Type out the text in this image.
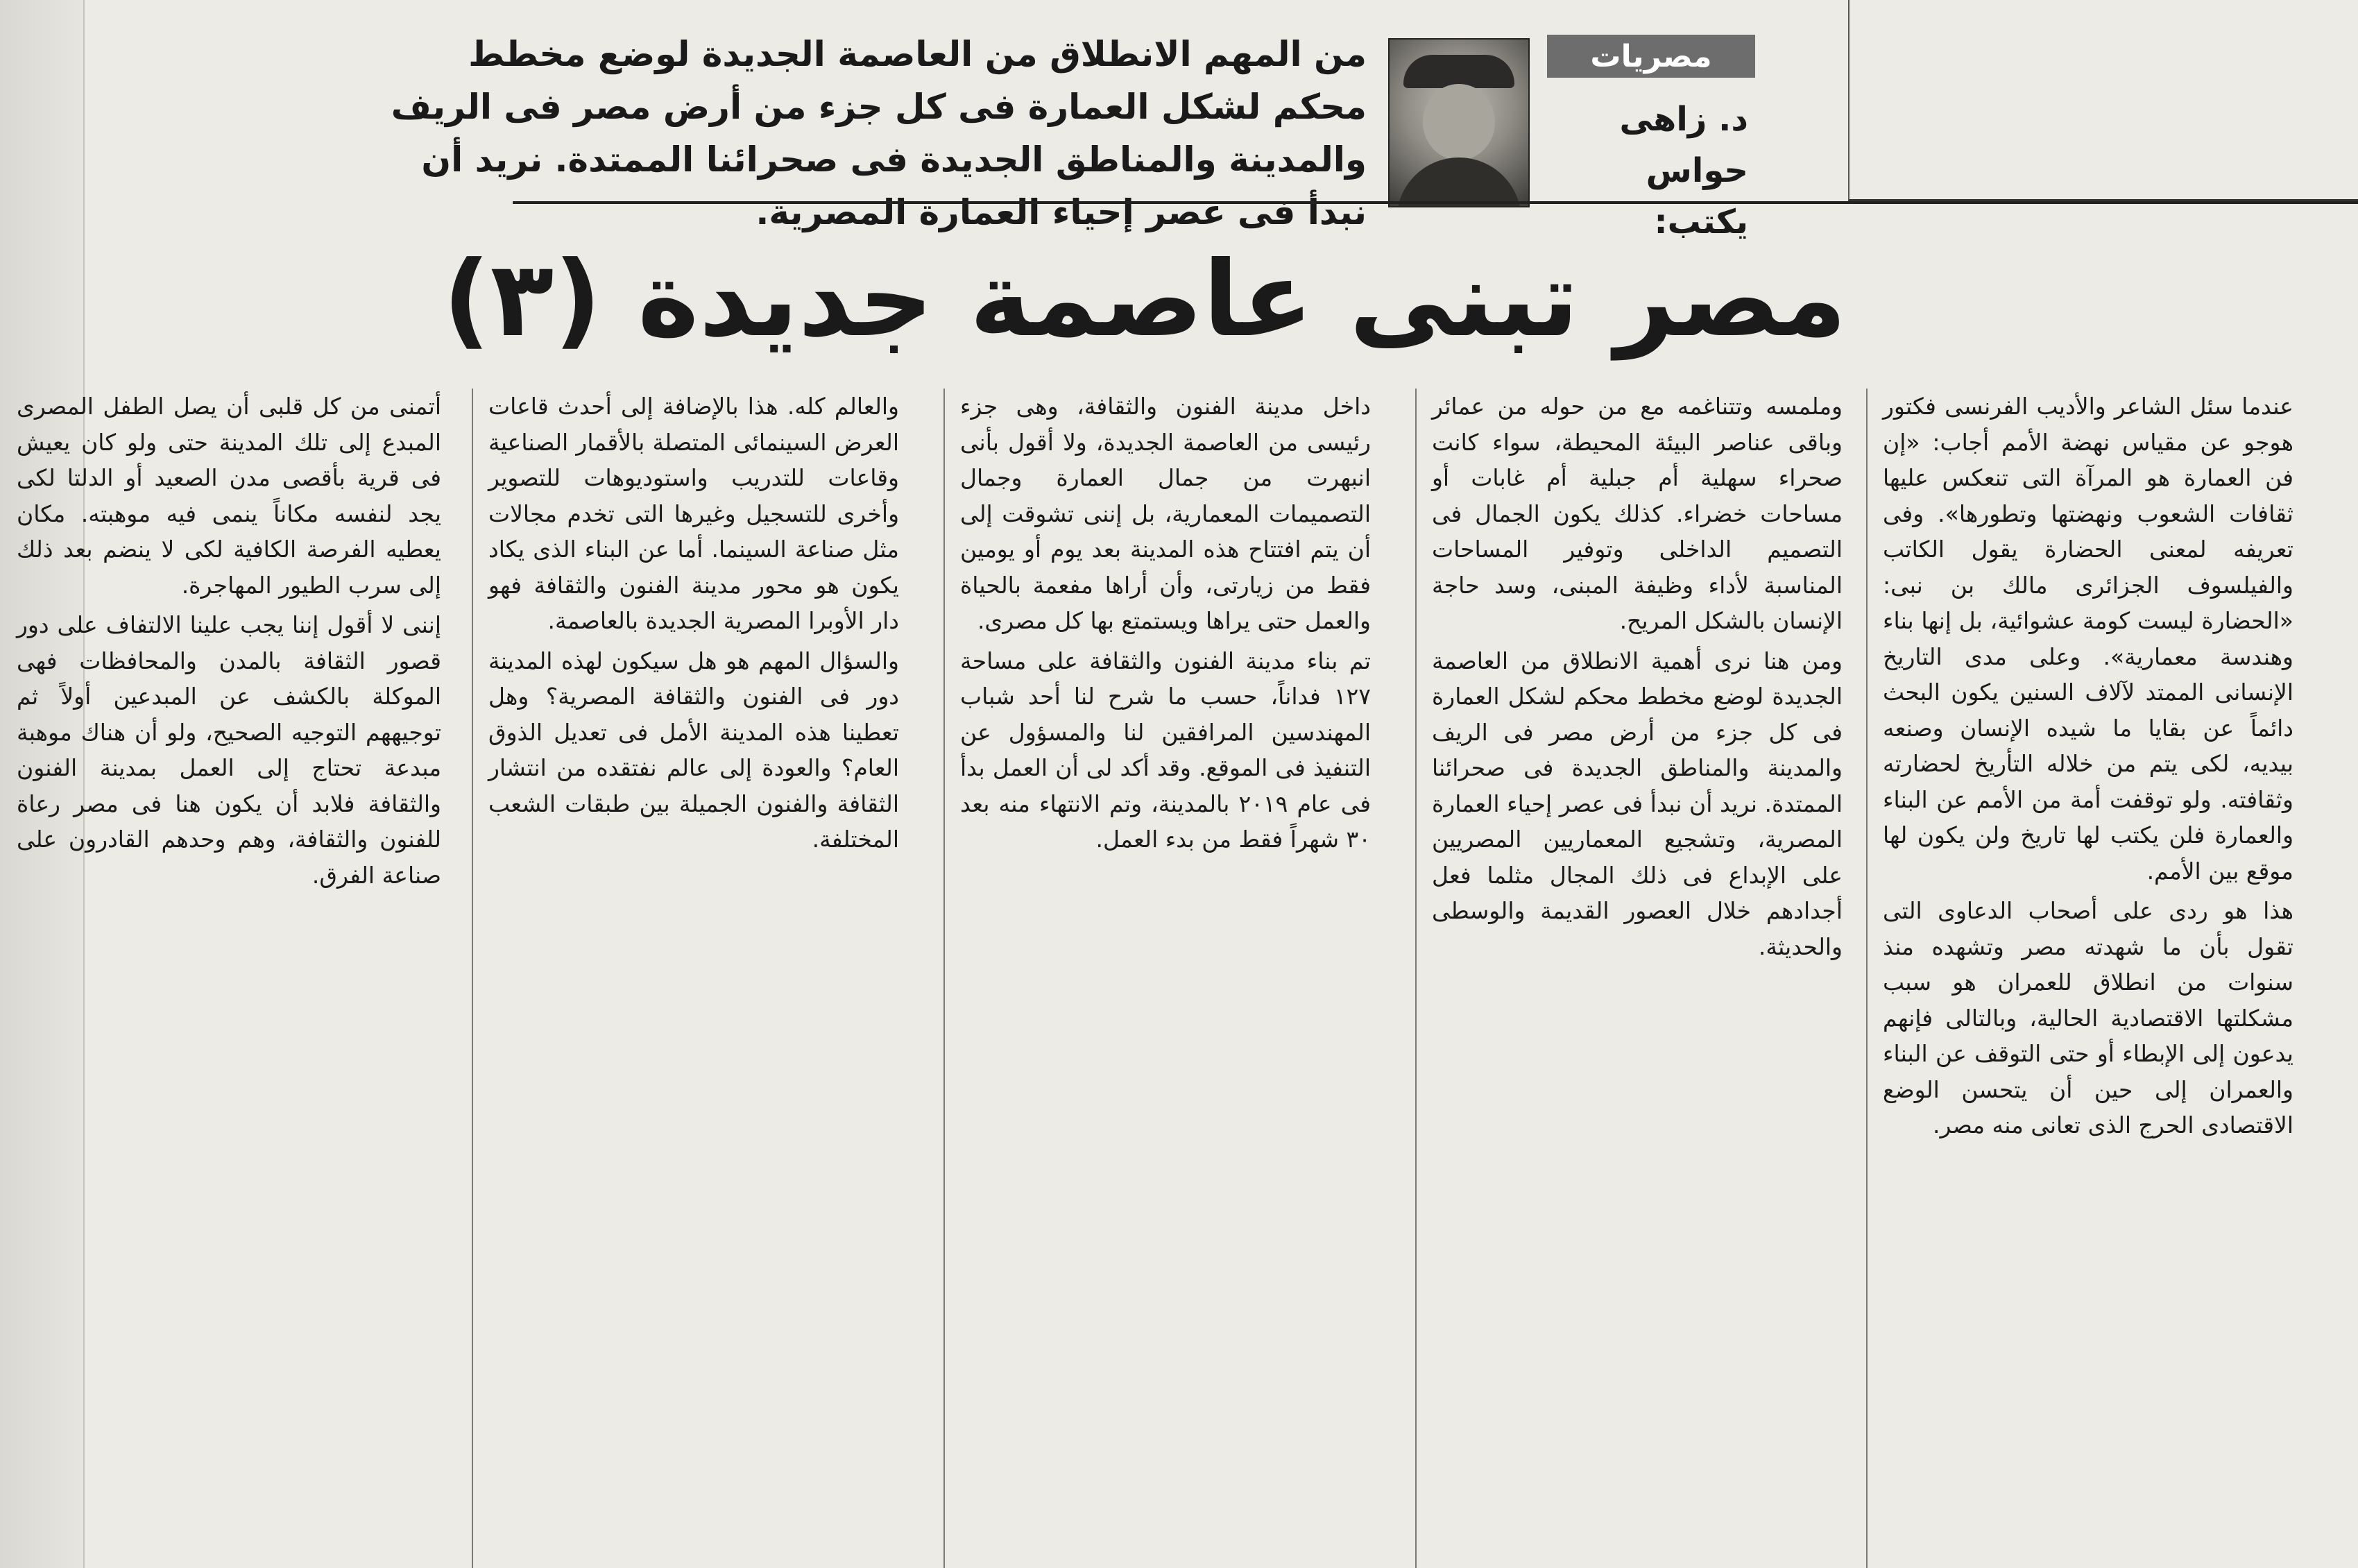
مصريات
د. زاهى حواس
يكتب:
من المهم الانطلاق من العاصمة الجديدة لوضع مخطط محكم لشكل العمارة فى كل جزء من أرض مصر فى الريف والمدينة والمناطق الجديدة فى صحرائنا الممتدة. نريد أن نبدأ فى عصر إحياء العمارة المصرية.
مصر تبنى عاصمة جديدة (٣)

عندما سئل الشاعر والأديب الفرنسى فكتور هوجو عن مقياس نهضة الأمم أجاب: «إن فن العمارة هو المرآة التى تنعكس عليها ثقافات الشعوب ونهضتها وتطورها». وفى تعريفه لمعنى الحضارة يقول الكاتب والفيلسوف الجزائرى مالك بن نبى: «الحضارة ليست كومة عشوائية، بل إنها بناء وهندسة معمارية». وعلى مدى التاريخ الإنسانى الممتد لآلاف السنين يكون البحث دائماً عن بقايا ما شيده الإنسان وصنعه بيديه، لكى يتم من خلاله التأريخ لحضارته وثقافته. ولو توقفت أمة من الأمم عن البناء والعمارة فلن يكتب لها تاريخ ولن يكون لها موقع بين الأمم.

هذا هو ردى على أصحاب الدعاوى التى تقول بأن ما شهدته مصر وتشهده منذ سنوات من انطلاق للعمران هو سبب مشكلتها الاقتصادية الحالية، وبالتالى فإنهم يدعون إلى الإبطاء أو حتى التوقف عن البناء والعمران إلى حين أن يتحسن الوضع الاقتصادى الحرج الذى تعانى منه مصر.

وملمسه وتتناغمه مع من حوله من عمائر وباقى عناصر البيئة المحيطة، سواء كانت صحراء سهلية أم جبلية أم غابات أو مساحات خضراء. كذلك يكون الجمال فى التصميم الداخلى وتوفير المساحات المناسبة لأداء وظيفة المبنى، وسد حاجة الإنسان بالشكل المريح.

ومن هنا نرى أهمية الانطلاق من العاصمة الجديدة لوضع مخطط محكم لشكل العمارة فى كل جزء من أرض مصر فى الريف والمدينة والمناطق الجديدة فى صحرائنا الممتدة. نريد أن نبدأ فى عصر إحياء العمارة المصرية، وتشجيع المعماريين المصريين على الإبداع فى ذلك المجال مثلما فعل أجدادهم خلال العصور القديمة والوسطى والحديثة.

داخل مدينة الفنون والثقافة، وهى جزء رئيسى من العاصمة الجديدة، ولا أقول بأنى انبهرت من جمال العمارة وجمال التصميمات المعمارية، بل إننى تشوقت إلى أن يتم افتتاح هذه المدينة بعد يوم أو يومين فقط من زيارتى، وأن أراها مفعمة بالحياة والعمل حتى يراها ويستمتع بها كل مصرى.

تم بناء مدينة الفنون والثقافة على مساحة ١٢٧ فداناً، حسب ما شرح لنا أحد شباب المهندسين المرافقين لنا والمسؤول عن التنفيذ فى الموقع. وقد أكد لى أن العمل بدأ فى عام ٢٠١٩ بالمدينة، وتم الانتهاء منه بعد ٣٠ شهراً فقط من بدء العمل.

والعالم كله. هذا بالإضافة إلى أحدث قاعات العرض السينمائى المتصلة بالأقمار الصناعية وقاعات للتدريب واستوديوهات للتصوير وأخرى للتسجيل وغيرها التى تخدم مجالات مثل صناعة السينما. أما عن البناء الذى يكاد يكون هو محور مدينة الفنون والثقافة فهو دار الأوبرا المصرية الجديدة بالعاصمة.

والسؤال المهم هو هل سيكون لهذه المدينة دور فى الفنون والثقافة المصرية؟ وهل تعطينا هذه المدينة الأمل فى تعديل الذوق العام؟ والعودة إلى عالم نفتقده من انتشار الثقافة والفنون الجميلة بين طبقات الشعب المختلفة.

أتمنى من كل قلبى أن يصل الطفل المصرى المبدع إلى تلك المدينة حتى ولو كان يعيش فى قرية بأقصى مدن الصعيد أو الدلتا لكى يجد لنفسه مكاناً ينمى فيه موهبته. مكان يعطيه الفرصة الكافية لكى لا ينضم بعد ذلك إلى سرب الطيور المهاجرة.

إننى لا أقول إننا يجب علينا الالتفاف على دور قصور الثقافة بالمدن والمحافظات فهى الموكلة بالكشف عن المبدعين أولاً ثم توجيههم التوجيه الصحيح، ولو أن هناك موهبة مبدعة تحتاج إلى العمل بمدينة الفنون والثقافة فلابد أن يكون هنا فى مصر رعاة للفنون والثقافة، وهم وحدهم القادرون على صناعة الفرق.
